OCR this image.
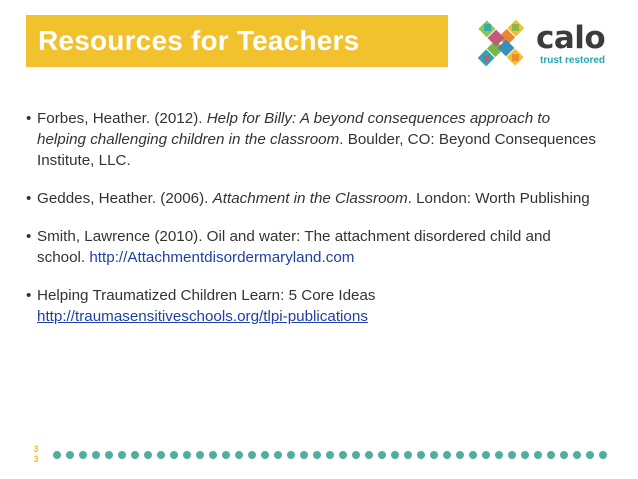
Resources for Teachers	calo
trust restored
• Forbes, Heather. (2012). Help for Billy: A beyond consequences approach to helping challenging children in the classroom. Boulder, CO: Beyond Consequences Institute, LLC.
• Geddes, Heather. (2006). Attachment in the Classroom. London: Worth Publishing
• Smith, Lawrence (2010). Oil and water: The attachment disordered child and school. http://Attachmentdisordermaryland.com
• Helping Traumatized Children Learn: 5 Core Ideas
http://traumasensitiveschools.org/tlpi-publications
3
3
